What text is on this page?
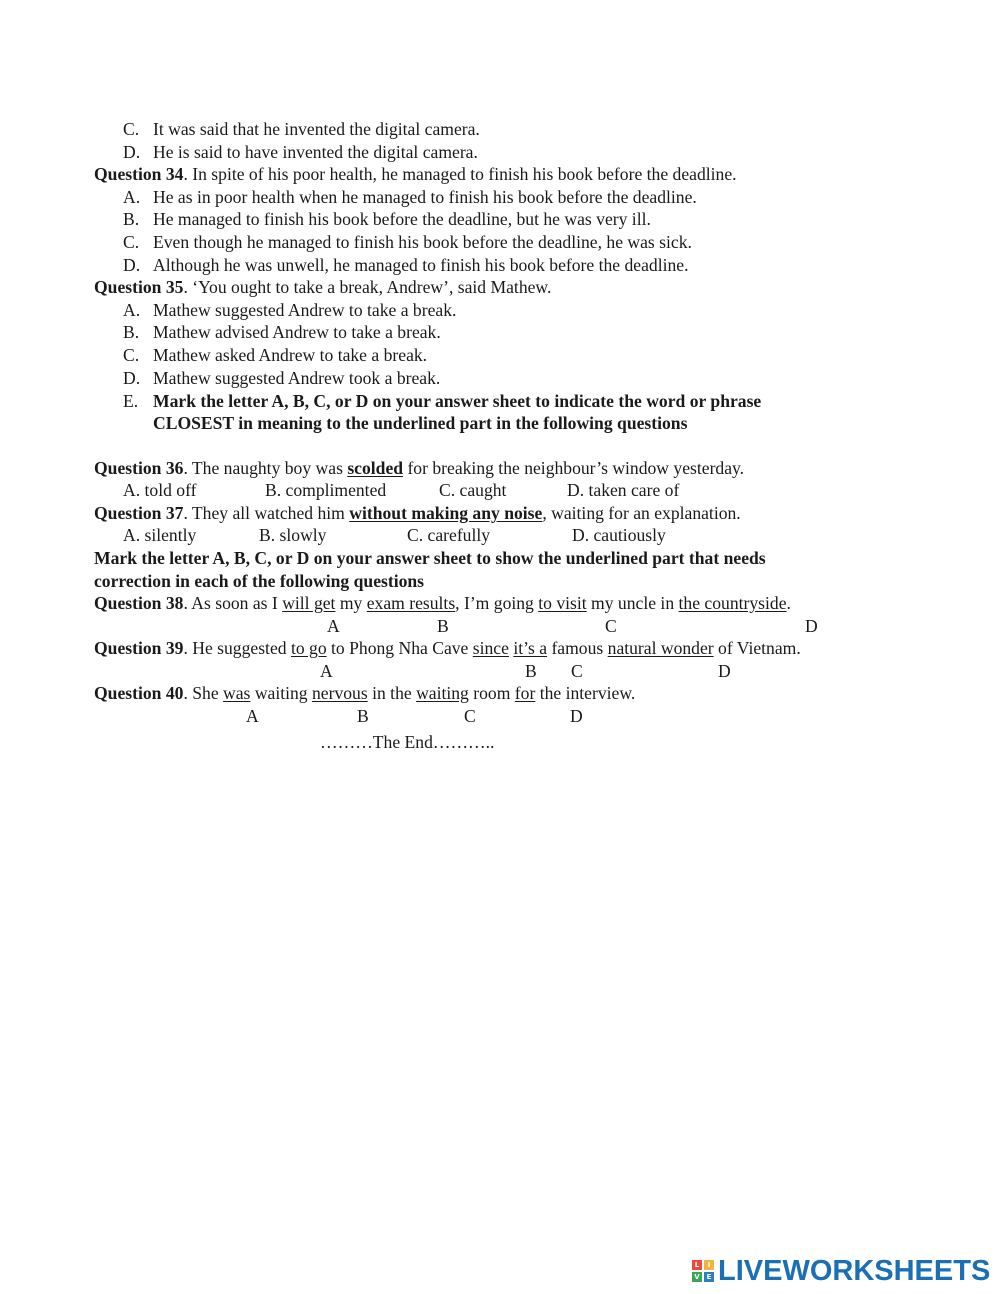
C. It was said that he invented the digital camera.
D. He is said to have invented the digital camera.
Question 34. In spite of his poor health, he managed to finish his book before the deadline.
A. He as in poor health when he managed to finish his book before the deadline.
B. He managed to finish his book before the deadline, but he was very ill.
C. Even though he managed to finish his book before the deadline, he was sick.
D. Although he was unwell, he managed to finish his book before the deadline.
Question 35. ‘You ought to take a break, Andrew’, said Mathew.
A. Mathew suggested Andrew to take a break.
B. Mathew advised Andrew to take a break.
C. Mathew asked Andrew to take a break.
D. Mathew suggested Andrew took a break.
E. Mark the letter A, B, C, or D on your answer sheet to indicate the word or phrase
CLOSEST in meaning to the underlined part in the following questions
Question 36. The naughty boy was scolded for breaking the neighbour’s window yesterday.
A. told off	B. complimented	C. caught	D. taken care of
Question 37. They all watched him without making any noise, waiting for an explanation.
A. silently	B. slowly	C. carefully	D. cautiously
Mark the letter A, B, C, or D on your answer sheet to show the underlined part that needs
correction in each of the following questions
Question 38. As soon as I will get my exam results, I’m going to visit my uncle in the countryside.
A	B	C	D
Question 39. He suggested to go to Phong Nha Cave since it’s a famous natural wonder of Vietnam.
A	B C	D
Question 40. She was waiting nervous in the waiting room for the interview.
A	B	C	D
………The End………..
L	I
V E LIVEWORKSHEETS
